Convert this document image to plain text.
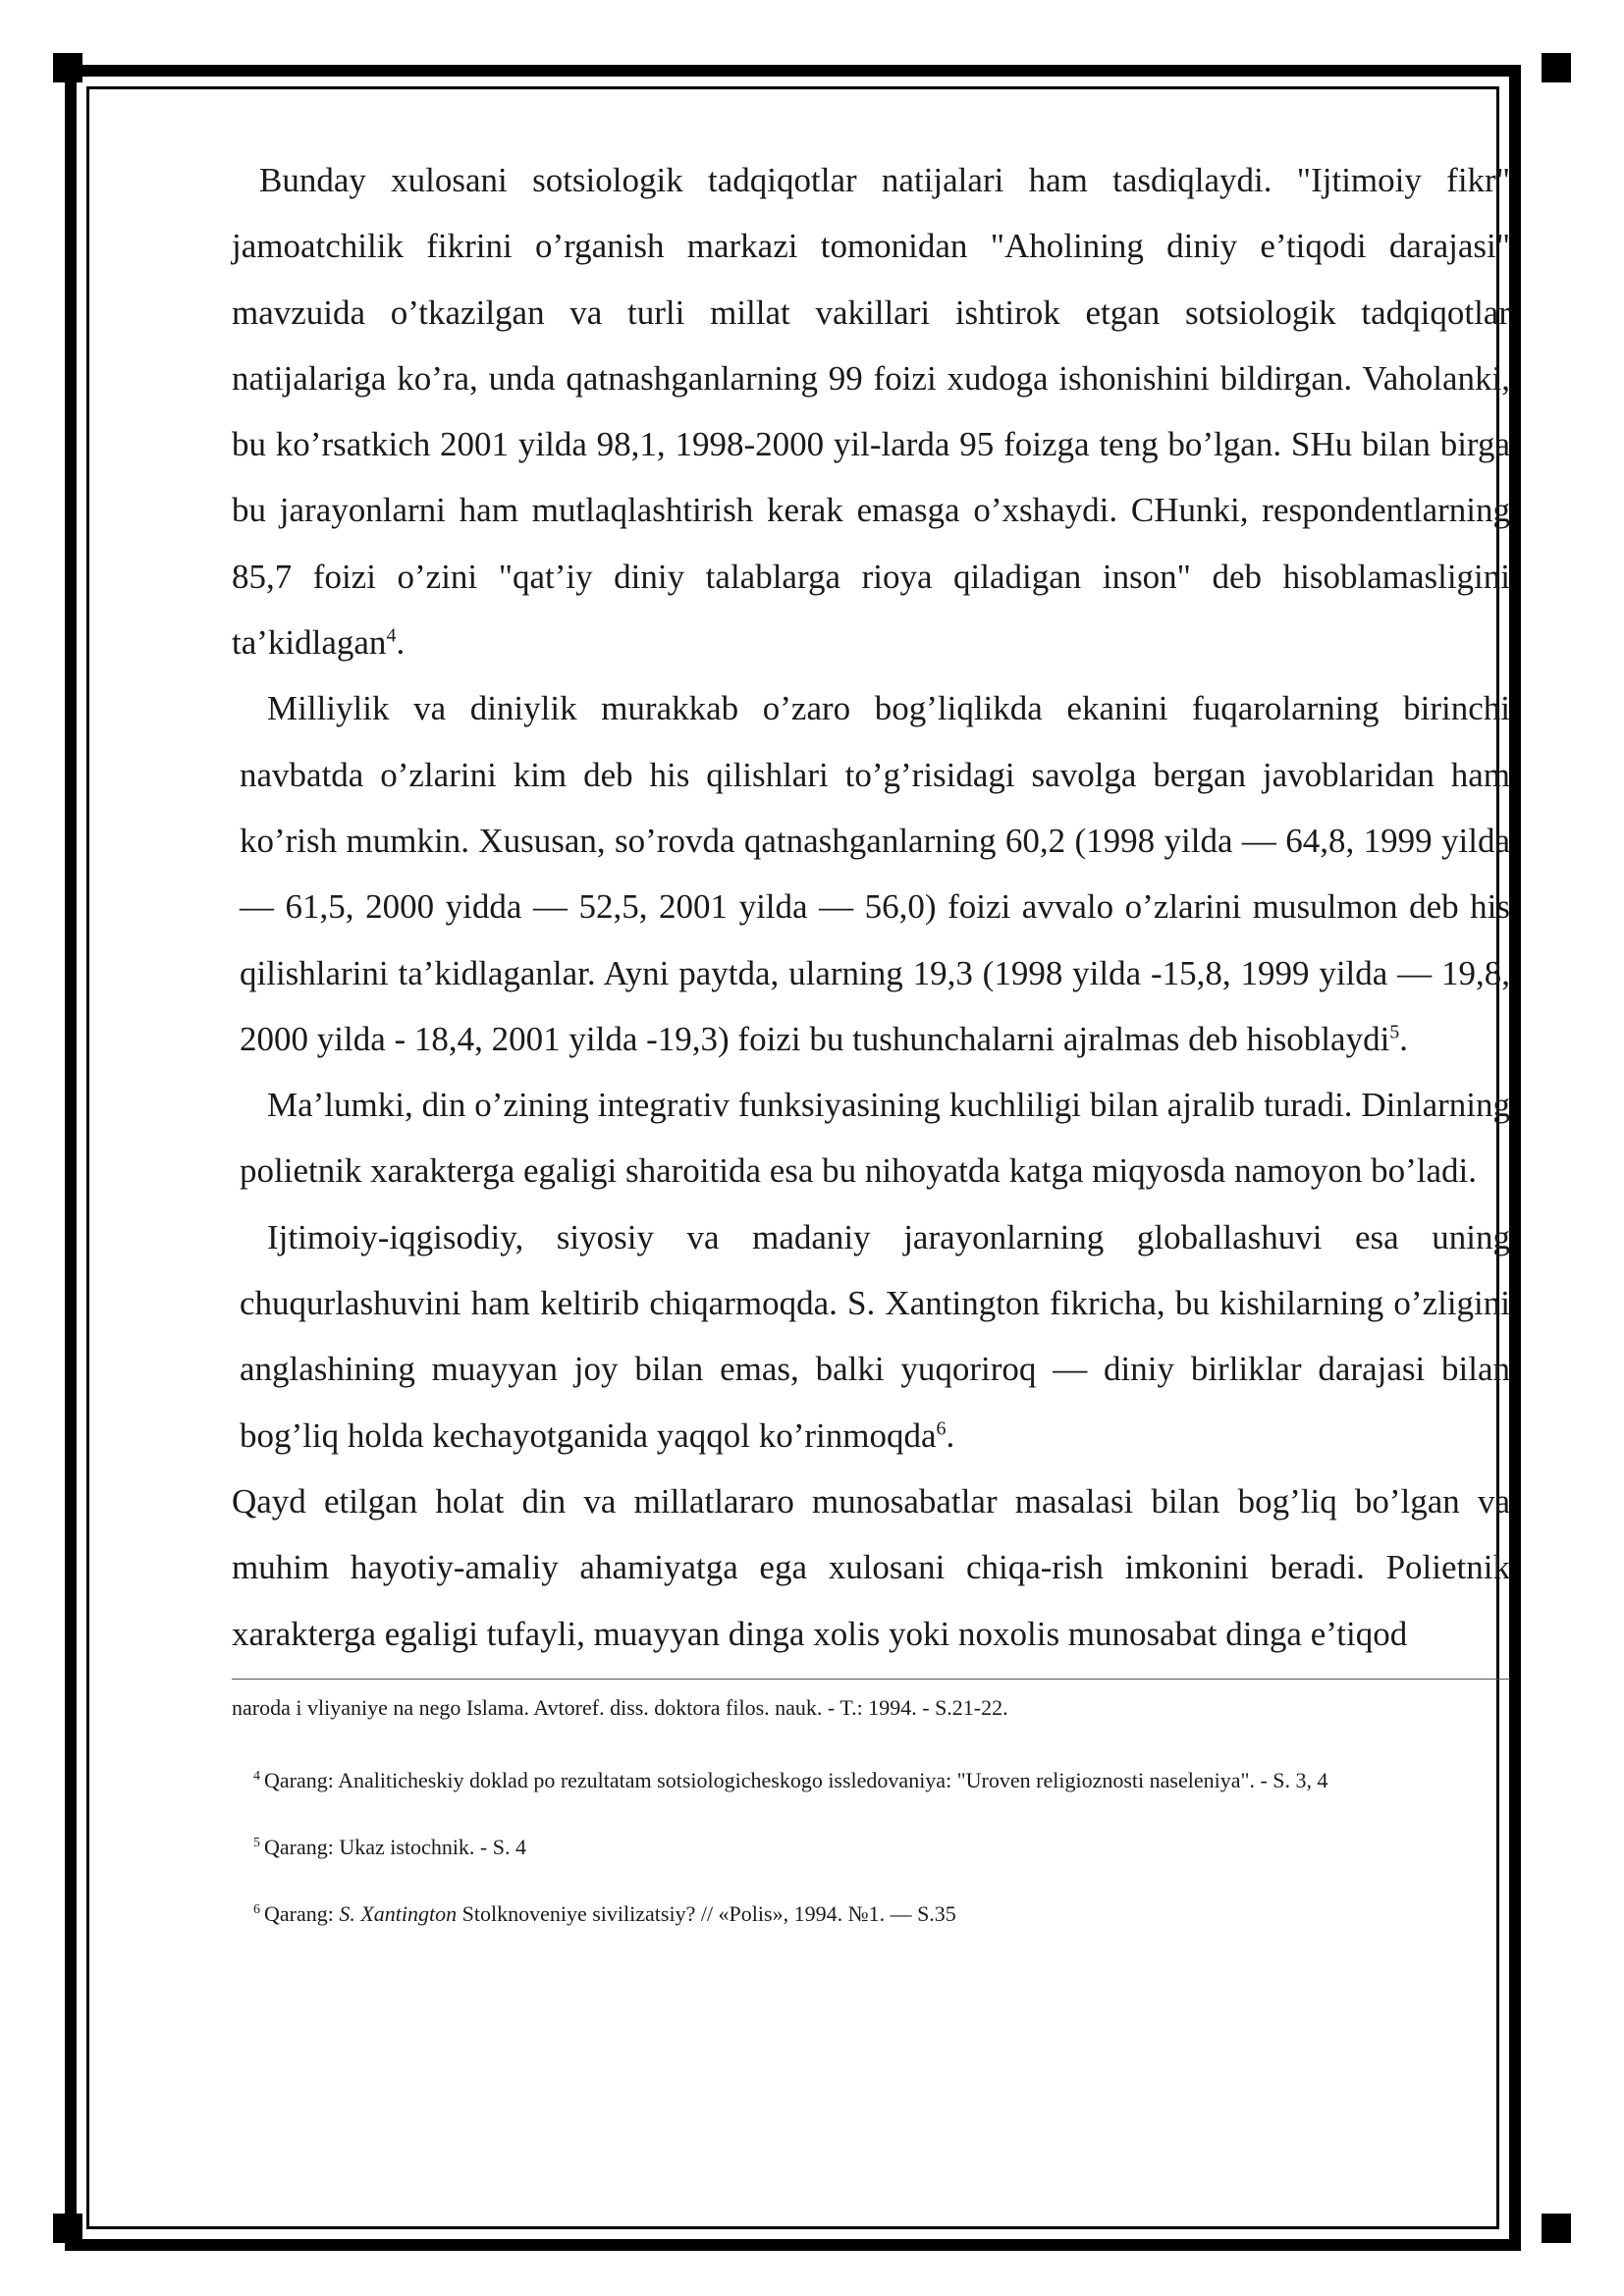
Bunday xulosani sotsiologik tadqiqotlar natijalari ham tasdiqlaydi. "Ijtimoiy fikr" jamoatchilik fikrini o’rganish markazi tomonidan "Aholining diniy e’tiqodi darajasi" mavzuida o’tkazilgan va turli millat vakillari ishtirok etgan sotsiologik tadqiqotlar natijalariga ko’ra, unda qatnashganlarning 99 foizi xudoga ishonishini bildirgan. Vaholanki, bu ko’rsatkich 2001 yilda 98,1, 1998-2000 yil-larda 95 foizga teng bo’lgan. SHu bilan birga bu jarayonlarni ham mutlaqlashtirish kerak emasga o’xshaydi. CHunki, respondentlarning 85,7 foizi o’zini "qat’iy diniy talablarga rioya qiladigan inson" deb hisoblamasligini ta’kidlagan$^4$.

Milliylik va diniylik murakkab o’zaro bog’liqlikda ekanini fuqarolarning birinchi navbatda o’zlarini kim deb his qilishlari to’g’risidagi savolga bergan javoblaridan ham ko’rish mumkin. Xususan, so’rovda qatnashganlarning 60,2 (1998 yilda — 64,8, 1999 yilda — 61,5, 2000 yidda — 52,5, 2001 yilda — 56,0) foizi avvalo o’zlarini musulmon deb his qilishlarini ta’kidlaganlar. Ayni paytda, ularning 19,3 (1998 yilda -15,8, 1999 yilda — 19,8, 2000 yilda - 18,4, 2001 yilda -19,3) foizi bu tushunchalarni ajralmas deb hisoblaydi$^5$.

Ma’lumki, din o’zining integrativ funksiyasining kuchliligi bilan ajralib turadi. Dinlarning polietnik xarakterga egaligi sharoitida esa bu nihoyatda katga miqyosda namoyon bo’ladi.

Ijtimoiy-iqgisodiy, siyosiy va madaniy jarayonlarning globallashuvi esa uning chuqurlashuvini ham keltirib chiqarmoqda. S. Xantington fikricha, bu kishilarning o’zligini anglashining muayyan joy bilan emas, balki yuqoriroq — diniy birliklar darajasi bilan bog’liq holda kechayotganida yaqqol ko’rinmoqda$^6$.

Qayd etilgan holat din va millatlararo munosabatlar masalasi bilan bog’liq bo’lgan va muhim hayotiy-amaliy ahamiyatga ega xulosani chiqa-rish imkonini beradi. Polietnik xarakterga egaligi tufayli, muayyan dinga xolis yoki noxolis munosabat dinga e’tiqod

naroda i vliyaniye na nego Islama. Avtoref. diss. doktora filos. nauk. - T.: 1994. - S.21-22.

$^4$ Qarang: Analiticheskiy doklad po rezultatam sotsiologicheskogo issledovaniya: "Uroven religioznosti naseleniya". - S. 3, 4

$^5$ Qarang: Ukaz istochnik. - S. 4

$^6$ Qarang: S. Xantington Stolknoveniye sivilizatsiy? // «Polis», 1994. №1. — S.35
